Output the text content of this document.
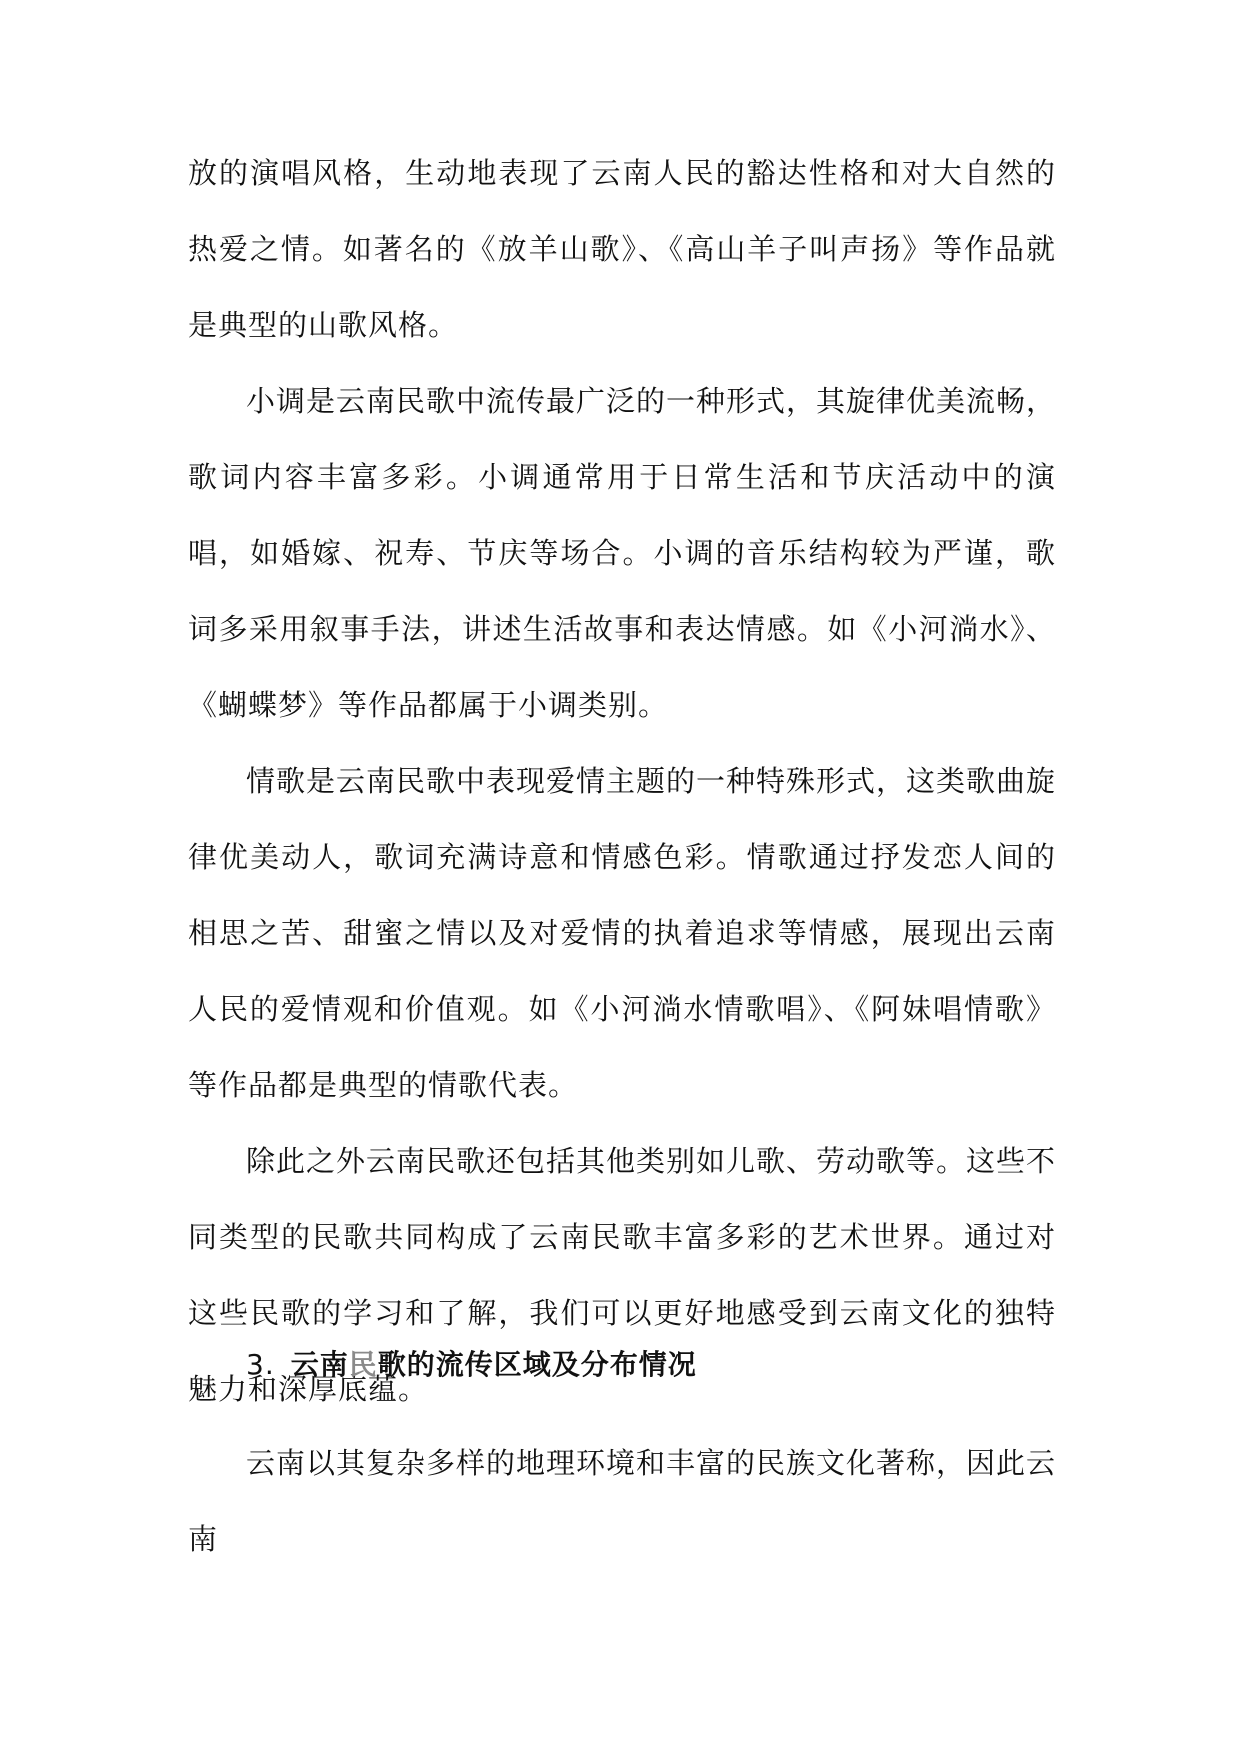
放的演唱风格，生动地表现了云南人民的豁达性格和对大自然的热爱之情。如著名的《放羊山歌》、《高山羊子叫声扬》等作品就是典型的山歌风格。

小调是云南民歌中流传最广泛的一种形式，其旋律优美流畅，歌词内容丰富多彩。小调通常用于日常生活和节庆活动中的演唱，如婚嫁、祝寿、节庆等场合。小调的音乐结构较为严谨，歌词多采用叙事手法，讲述生活故事和表达情感。如《小河淌水》、《蝴蝶梦》等作品都属于小调类别。

情歌是云南民歌中表现爱情主题的一种特殊形式，这类歌曲旋律优美动人，歌词充满诗意和情感色彩。情歌通过抒发恋人间的相思之苦、甜蜜之情以及对爱情的执着追求等情感，展现出云南人民的爱情观和价值观。如《小河淌水情歌唱》、《阿妹唱情歌》等作品都是典型的情歌代表。

除此之外云南民歌还包括其他类别如儿歌、劳动歌等。这些不同类型的民歌共同构成了云南民歌丰富多彩的艺术世界。通过对这些民歌的学习和了解，我们可以更好地感受到云南文化的独特魅力和深厚底蕴。

3. 云南民歌的流传区域及分布情况

云南以其复杂多样的地理环境和丰富的民族文化著称，因此云南
